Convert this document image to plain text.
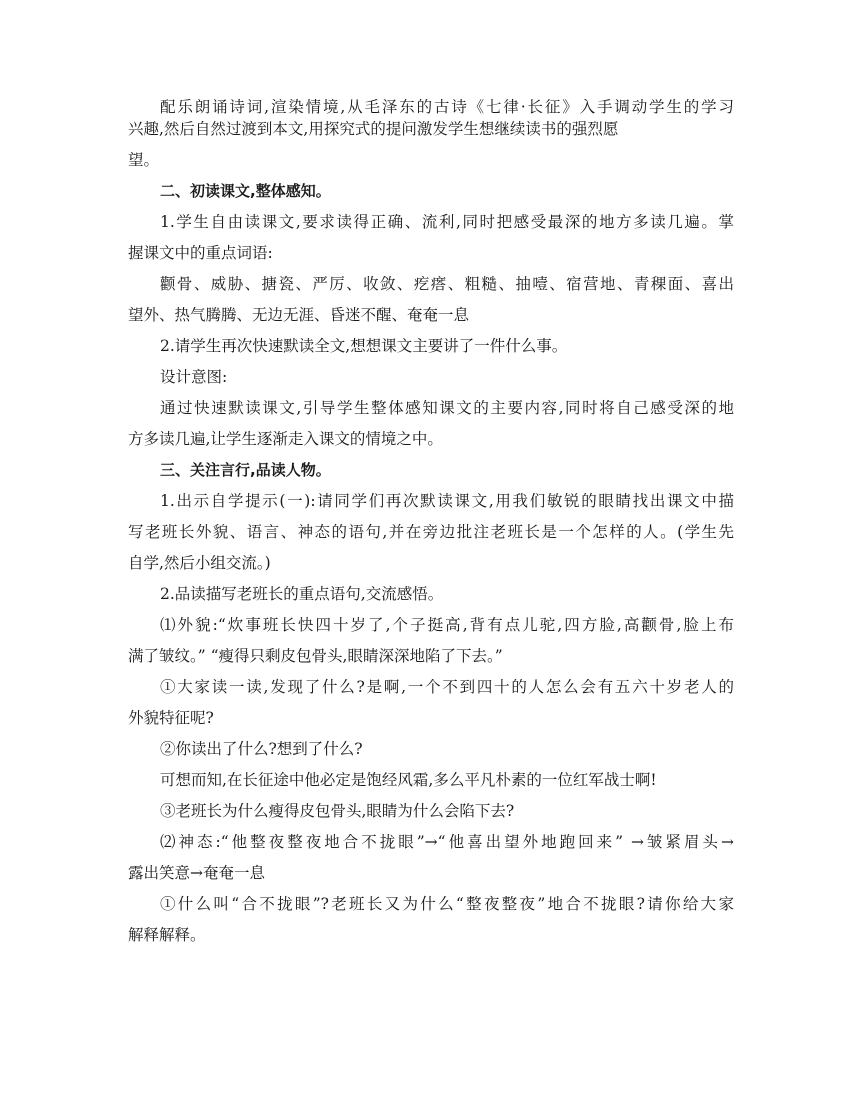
配乐朗诵诗词,渲染情境,从毛泽东的古诗《七律·长征》入手调动学生的学习
兴趣,然后自然过渡到本文,用探究式的提问激发学生想继续读书的强烈愿
望。
二、初读课文,整体感知。
1.学生自由读课文,要求读得正确、流利,同时把感受最深的地方多读几遍。掌
握课文中的重点词语:
颧骨、威胁、搪瓷、严厉、收敛、疙瘩、粗糙、抽噎、宿营地、青稞面、喜出
望外、热气腾腾、无边无涯、昏迷不醒、奄奄一息
2.请学生再次快速默读全文,想想课文主要讲了一件什么事。
设计意图:
通过快速默读课文,引导学生整体感知课文的主要内容,同时将自己感受深的地
方多读几遍,让学生逐渐走入课文的情境之中。
三、关注言行,品读人物。
1.出示自学提示(一):请同学们再次默读课文,用我们敏锐的眼睛找出课文中描
写老班长外貌、语言、神态的语句,并在旁边批注老班长是一个怎样的人。(学生先
自学,然后小组交流。)
2.品读描写老班长的重点语句,交流感悟。
⑴外貌:“炊事班长快四十岁了,个子挺高,背有点儿驼,四方脸,高颧骨,脸上布
满了皱纹。” “瘦得只剩皮包骨头,眼睛深深地陷了下去。”
①大家读一读,发现了什么?是啊,一个不到四十的人怎么会有五六十岁老人的
外貌特征呢?
②你读出了什么?想到了什么?
可想而知,在长征途中他必定是饱经风霜,多么平凡朴素的一位红军战士啊!
③老班长为什么瘦得皮包骨头,眼睛为什么会陷下去?
⑵神态:“他整夜整夜地合不拢眼”→“他喜出望外地跑回来” →皱紧眉头→
露出笑意→奄奄一息
①什么叫“合不拢眼”?老班长又为什么“整夜整夜”地合不拢眼?请你给大家
解释解释。
